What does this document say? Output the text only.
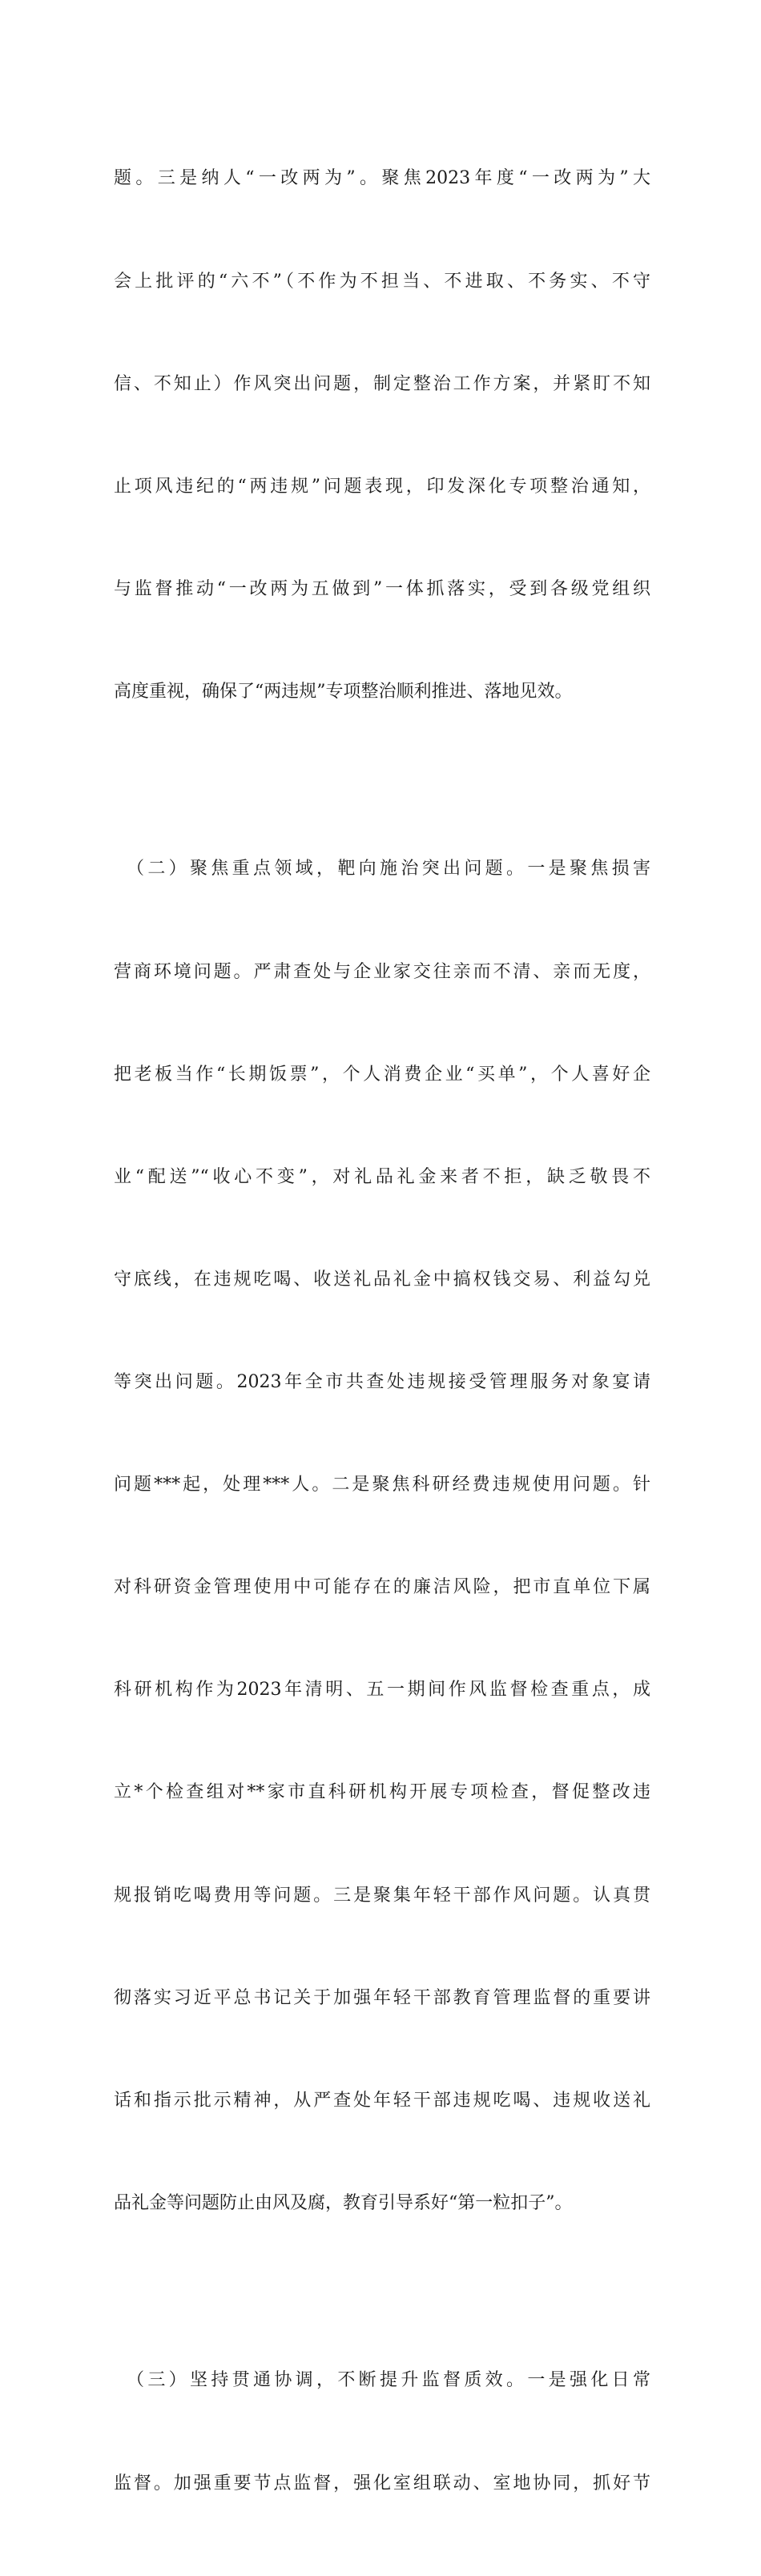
题。三是纳人“一改两为”。聚焦2023年度“一改两为”大

会上批评的“六不”（不作为不担当、不进取、不务实、不守

信、不知止）作风突出问题，制定整治工作方案，并紧盯不知

止项风违纪的“两违规”问题表现，印发深化专项整治通知，

与监督推动“一改两为五做到”一体抓落实，受到各级党组织

高度重视，确保了“两违规”专项整治顺利推进、落地见效。

（二）聚焦重点领域，靶向施治突出问题。一是聚焦损害

营商环境问题。严肃查处与企业家交往亲而不清、亲而无度，

把老板当作“长期饭票”，个人消费企业“买单”，个人喜好企

业“配送”“收心不变”，对礼品礼金来者不拒，缺乏敬畏不

守底线，在违规吃喝、收送礼品礼金中搞权钱交易、利益勾兑

等突出问题。2023年全市共查处违规接受管理服务对象宴请

问题***起，处理***人。二是聚焦科研经费违规使用问题。针

对科研资金管理使用中可能存在的廉洁风险，把市直单位下属

科研机构作为2023年清明、五一期间作风监督检查重点，成

立*个检查组对**家市直科研机构开展专项检查，督促整改违

规报销吃喝费用等问题。三是聚集年轻干部作风问题。认真贯

彻落实习近平总书记关于加强年轻干部教育管理监督的重要讲

话和指示批示精神，从严查处年轻干部违规吃喝、违规收送礼

品礼金等问题防止由风及腐，教育引导系好“第一粒扣子”。

（三）坚持贯通协调，不断提升监督质效。一是强化日常

监督。加强重要节点监督，强化室组联动、室地协同，抓好节
